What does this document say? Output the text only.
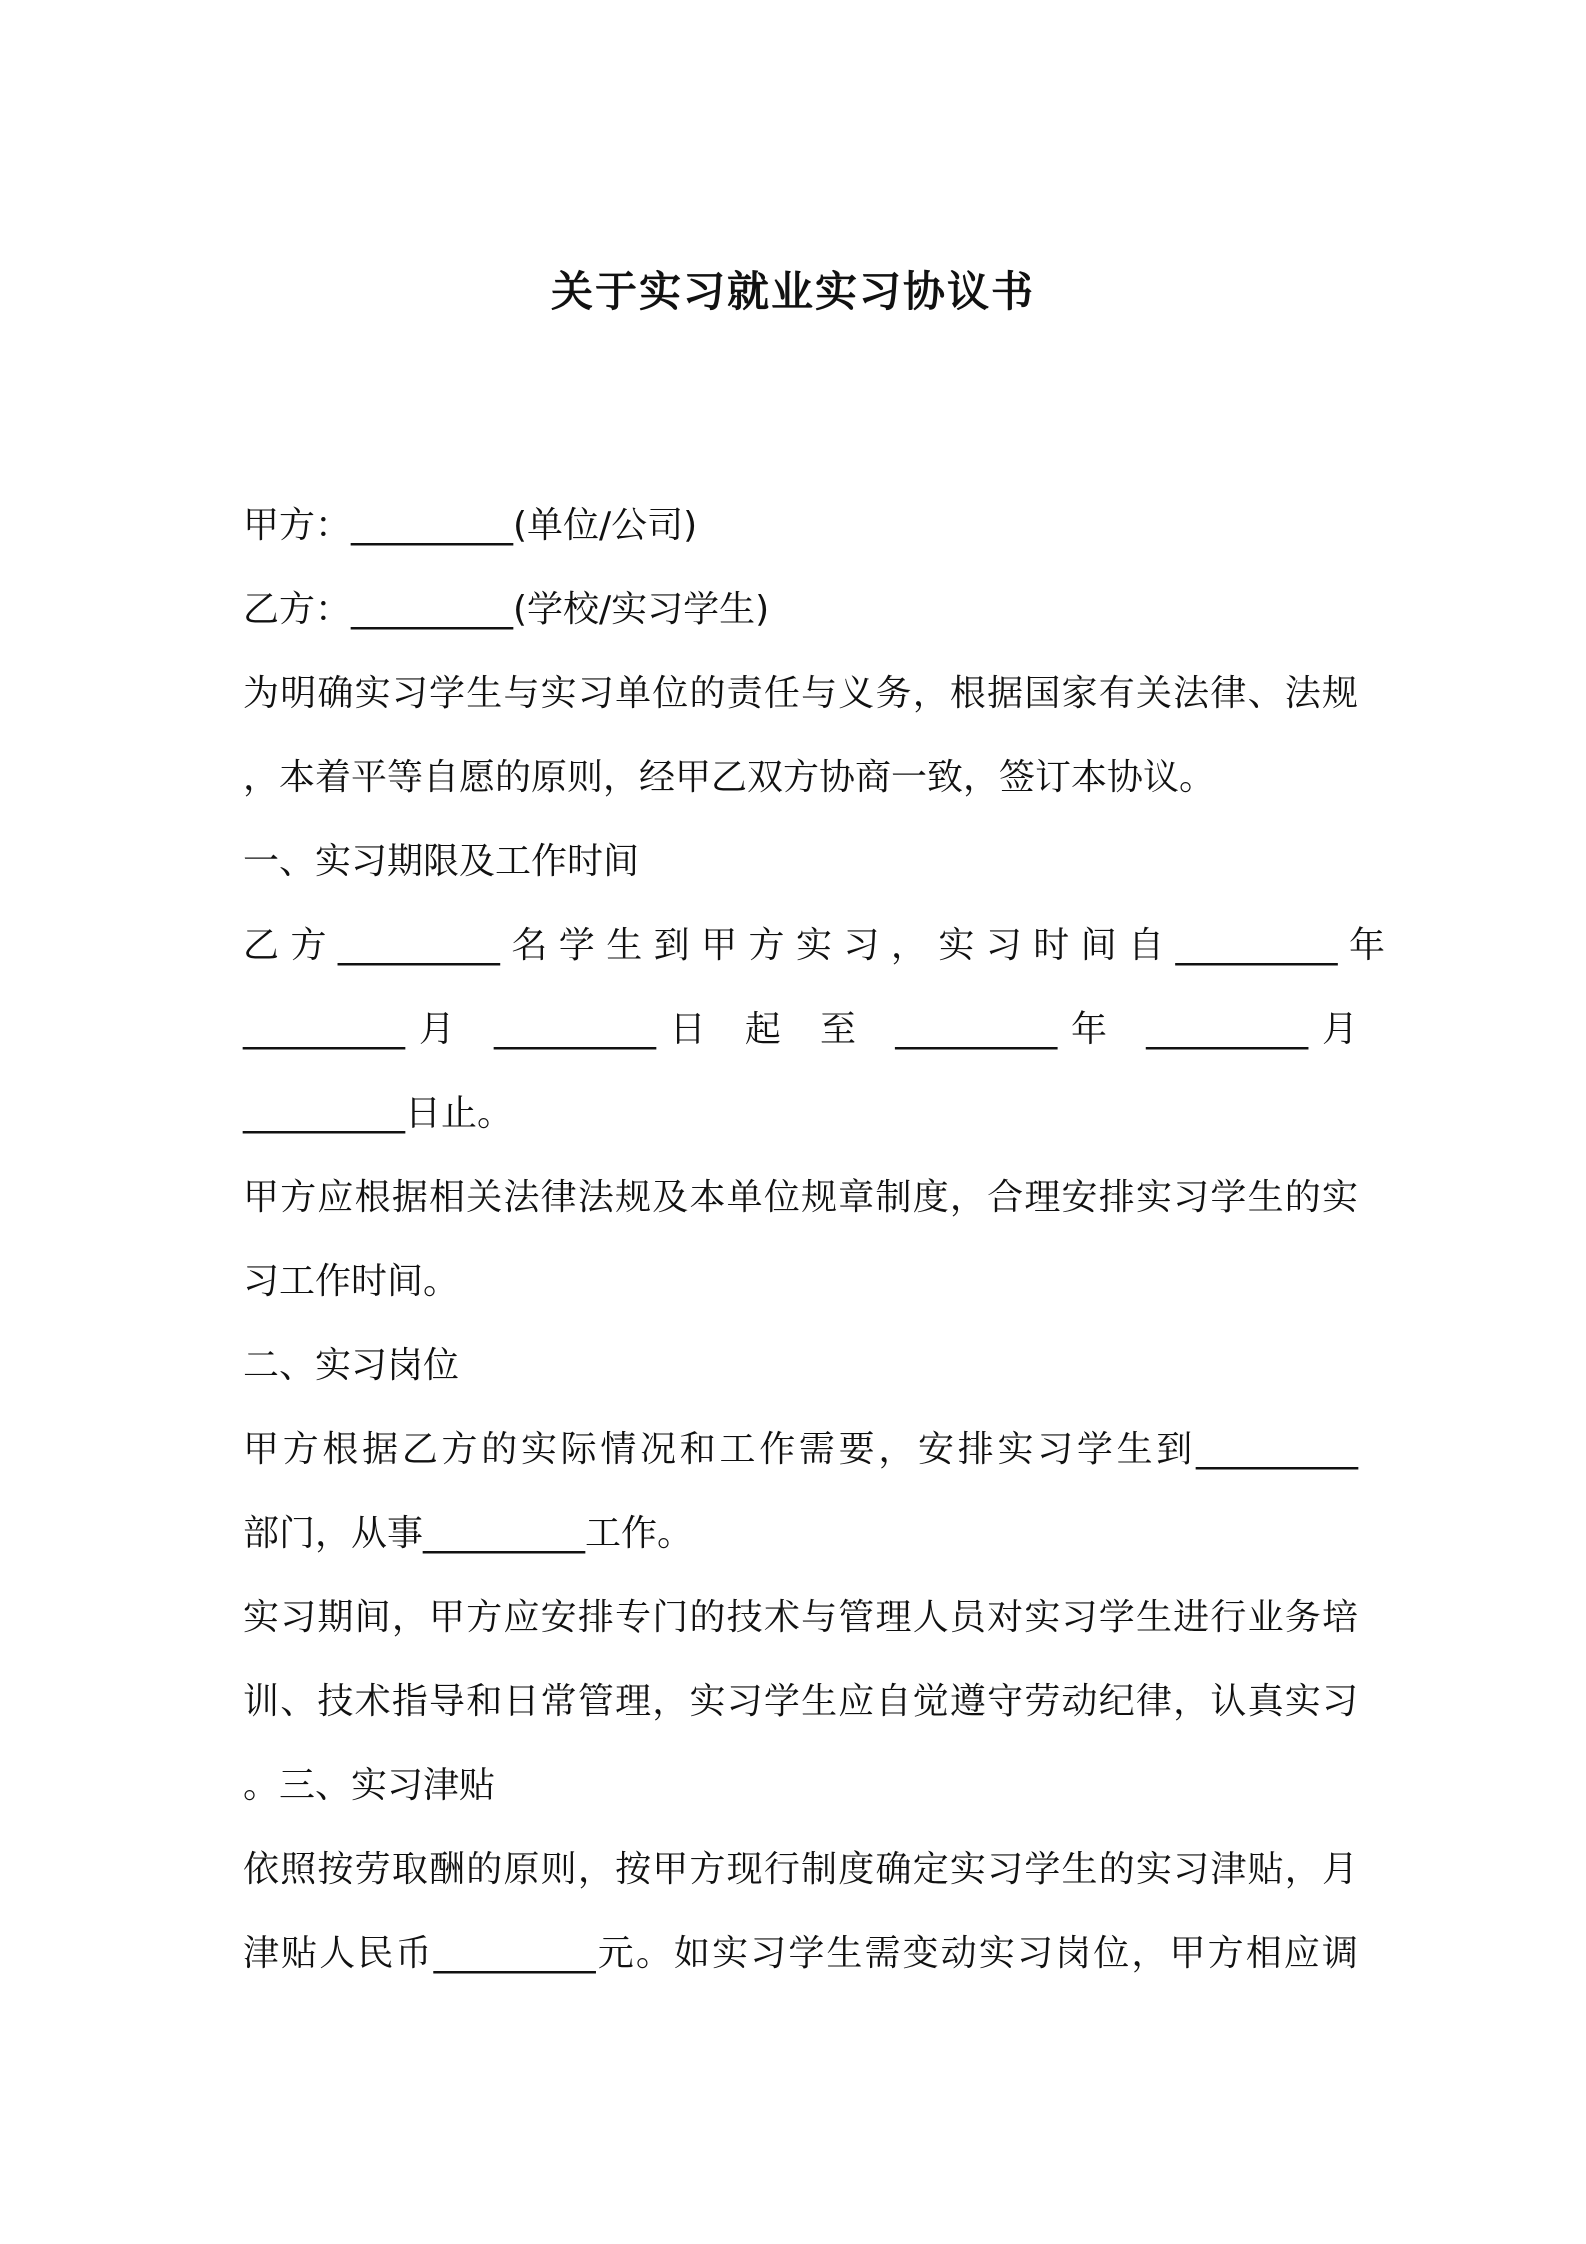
关于实习就业实习协议书

甲方：_________(单位/公司)

乙方：_________(学校/实习学生)

为明确实习学生与实习单位的责任与义务，根据国家有关法律、法规

，本着平等自愿的原则，经甲乙双方协商一致，签订本协议。

一、实习期限及工作时间

乙 方 _________ 名 学 生 到 甲 方 实 习 ， 实 习 时 间 自 _________ 年

_________月 _________日 起 至 _________年 _________月

_________日止。

甲方应根据相关法律法规及本单位规章制度，合理安排实习学生的实

习工作时间。

二、实习岗位

甲方根据乙方的实际情况和工作需要，安排实习学生到_________

部门，从事_________工作。

实习期间，甲方应安排专门的技术与管理人员对实习学生进行业务培

训、技术指导和日常管理，实习学生应自觉遵守劳动纪律，认真实习

。三、实习津贴

依照按劳取酬的原则，按甲方现行制度确定实习学生的实习津贴，月

津贴人民币_________元。如实习学生需变动实习岗位，甲方相应调
